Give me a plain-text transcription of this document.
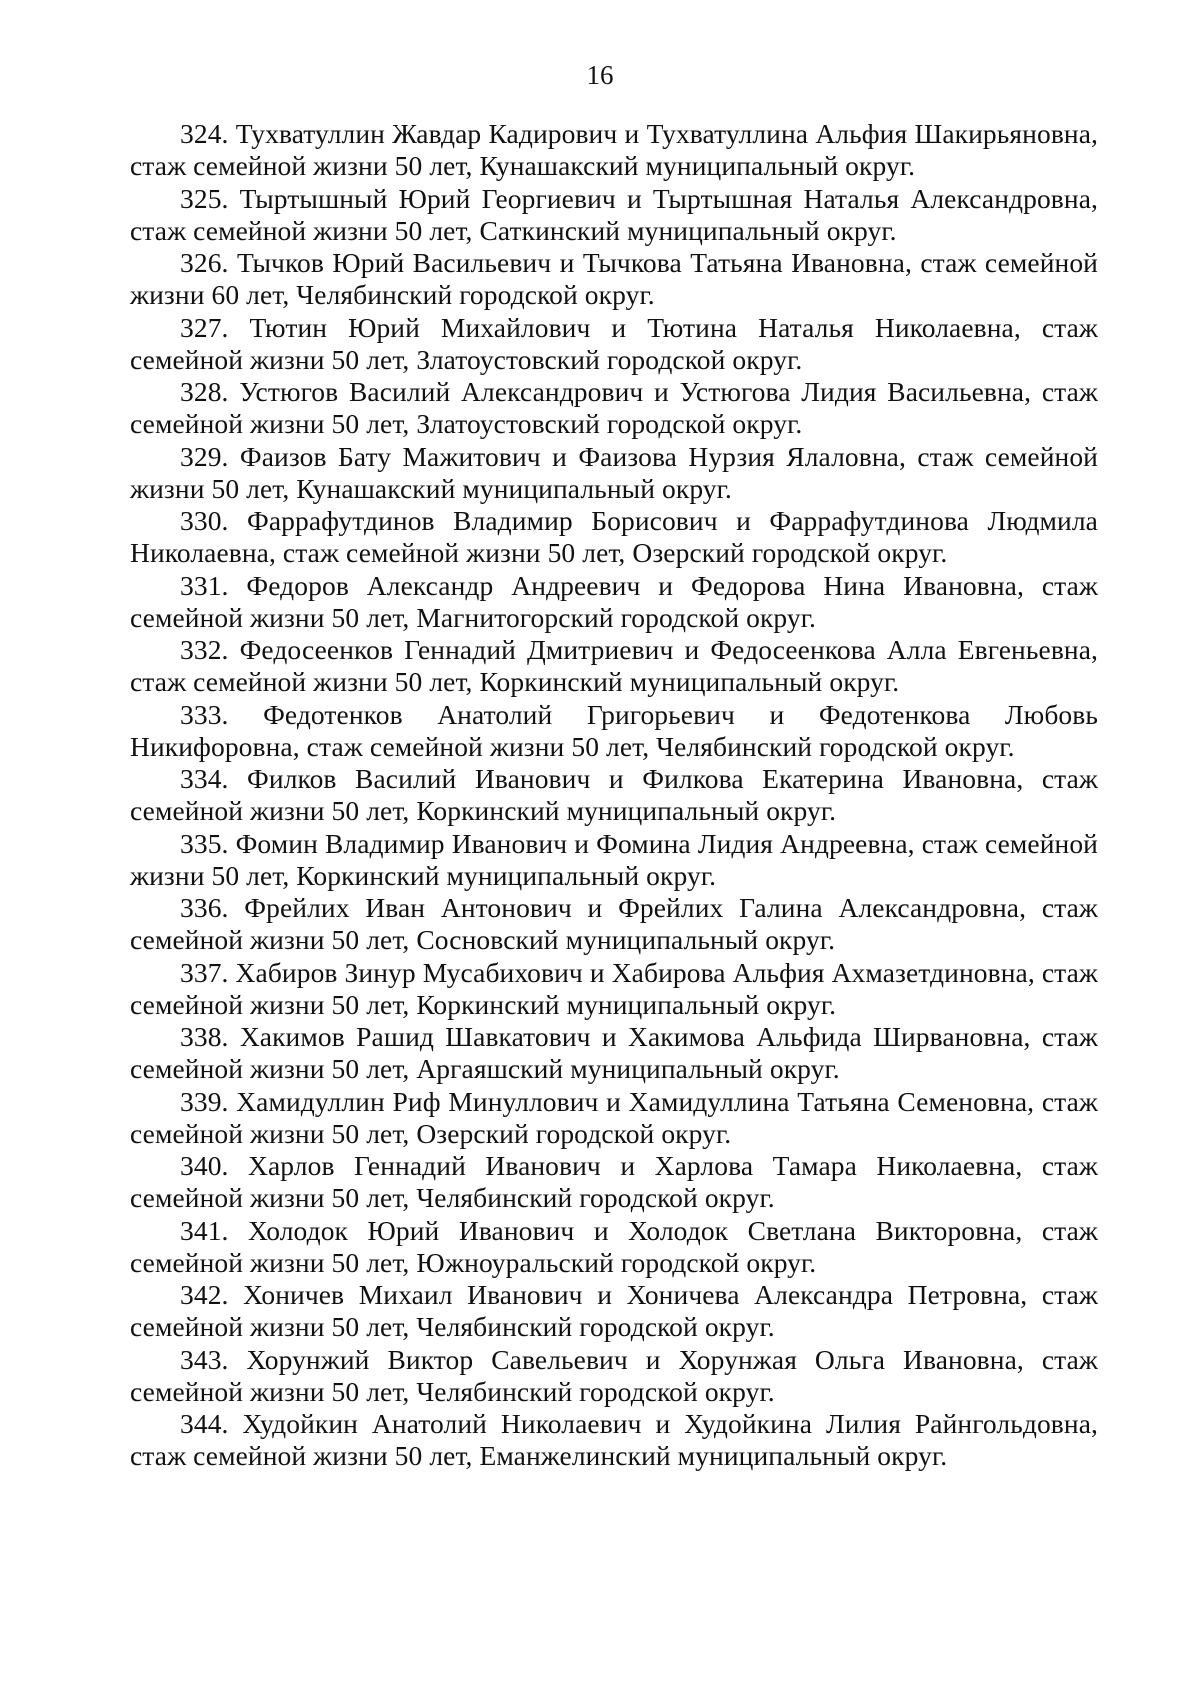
16

324. Тухватуллин Жавдар Кадирович и Тухватуллина Альфия Шакирьяновна, стаж семейной жизни 50 лет, Кунашакский муниципальный округ.

325. Тыртышный Юрий Георгиевич и Тыртышная Наталья Александровна, стаж семейной жизни 50 лет, Саткинский муниципальный округ.

326. Тычков Юрий Васильевич и Тычкова Татьяна Ивановна, стаж семейной жизни 60 лет, Челябинский городской округ.

327. Тютин Юрий Михайлович и Тютина Наталья Николаевна, стаж семейной жизни 50 лет, Златоустовский городской округ.

328. Устюгов Василий Александрович и Устюгова Лидия Васильевна, стаж семейной жизни 50 лет, Златоустовский городской округ.

329. Фаизов Бату Мажитович и Фаизова Нурзия Ялаловна, стаж семейной жизни 50 лет, Кунашакский муниципальный округ.

330. Фаррафутдинов Владимир Борисович и Фаррафутдинова Людмила Николаевна, стаж семейной жизни 50 лет, Озерский городской округ.

331. Федоров Александр Андреевич и Федорова Нина Ивановна, стаж семейной жизни 50 лет, Магнитогорский городской округ.

332. Федосеенков Геннадий Дмитриевич и Федосеенкова Алла Евгеньевна, стаж семейной жизни 50 лет, Коркинский муниципальный округ.

333. Федотенков Анатолий Григорьевич и Федотенкова Любовь Никифоровна, стаж семейной жизни 50 лет, Челябинский городской округ.

334. Филков Василий Иванович и Филкова Екатерина Ивановна, стаж семейной жизни 50 лет, Коркинский муниципальный округ.

335. Фомин Владимир Иванович и Фомина Лидия Андреевна, стаж семейной жизни 50 лет, Коркинский муниципальный округ.

336. Фрейлих Иван Антонович и Фрейлих Галина Александровна, стаж семейной жизни 50 лет, Сосновский муниципальный округ.

337. Хабиров Зинур Мусабихович и Хабирова Альфия Ахмазетдиновна, стаж семейной жизни 50 лет, Коркинский муниципальный округ.

338. Хакимов Рашид Шавкатович и Хакимова Альфида Ширвановна, стаж семейной жизни 50 лет, Аргаяшский муниципальный округ.

339. Хамидуллин Риф Минуллович и Хамидуллина Татьяна Семеновна, стаж семейной жизни 50 лет, Озерский городской округ.

340. Харлов Геннадий Иванович и Харлова Тамара Николаевна, стаж семейной жизни 50 лет, Челябинский городской округ.

341. Холодок Юрий Иванович и Холодок Светлана Викторовна, стаж семейной жизни 50 лет, Южноуральский городской округ.

342. Хоничев Михаил Иванович и Хоничева Александра Петровна, стаж семейной жизни 50 лет, Челябинский городской округ.

343. Хорунжий Виктор Савельевич и Хорунжая Ольга Ивановна, стаж семейной жизни 50 лет, Челябинский городской округ.

344. Худойкин Анатолий Николаевич и Худойкина Лилия Райнгольдовна, стаж семейной жизни 50 лет, Еманжелинский муниципальный округ.
